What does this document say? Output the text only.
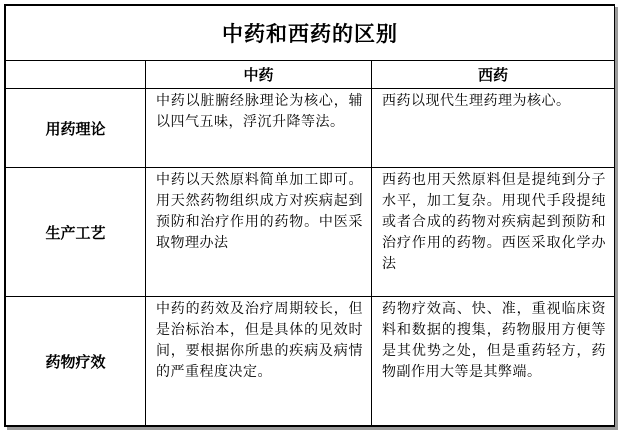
中药和西药的区别		
	中药	西药
用药理论	中药以脏腑经脉理论为核心，辅以四气五味，浮沉升降等法。	西药以现代生理药理为核心。
生产工艺	中药以天然原料简单加工即可。用天然药物组织成方对疾病起到预防和治疗作用的药物。中医采取物理办法	西药也用天然原料但是提纯到分子水平，加工复杂。用现代手段提纯或者合成的药物对疾病起到预防和治疗作用的药物。西医采取化学办法
药物疗效	中药的药效及治疗周期较长，但是治标治本，但是具体的见效时间，要根据你所患的疾病及病情的严重程度决定。	药物疗效高、快、准，重视临床资料和数据的搜集，药物服用方便等是其优势之处，但是重药轻方，药物副作用大等是其弊端。
